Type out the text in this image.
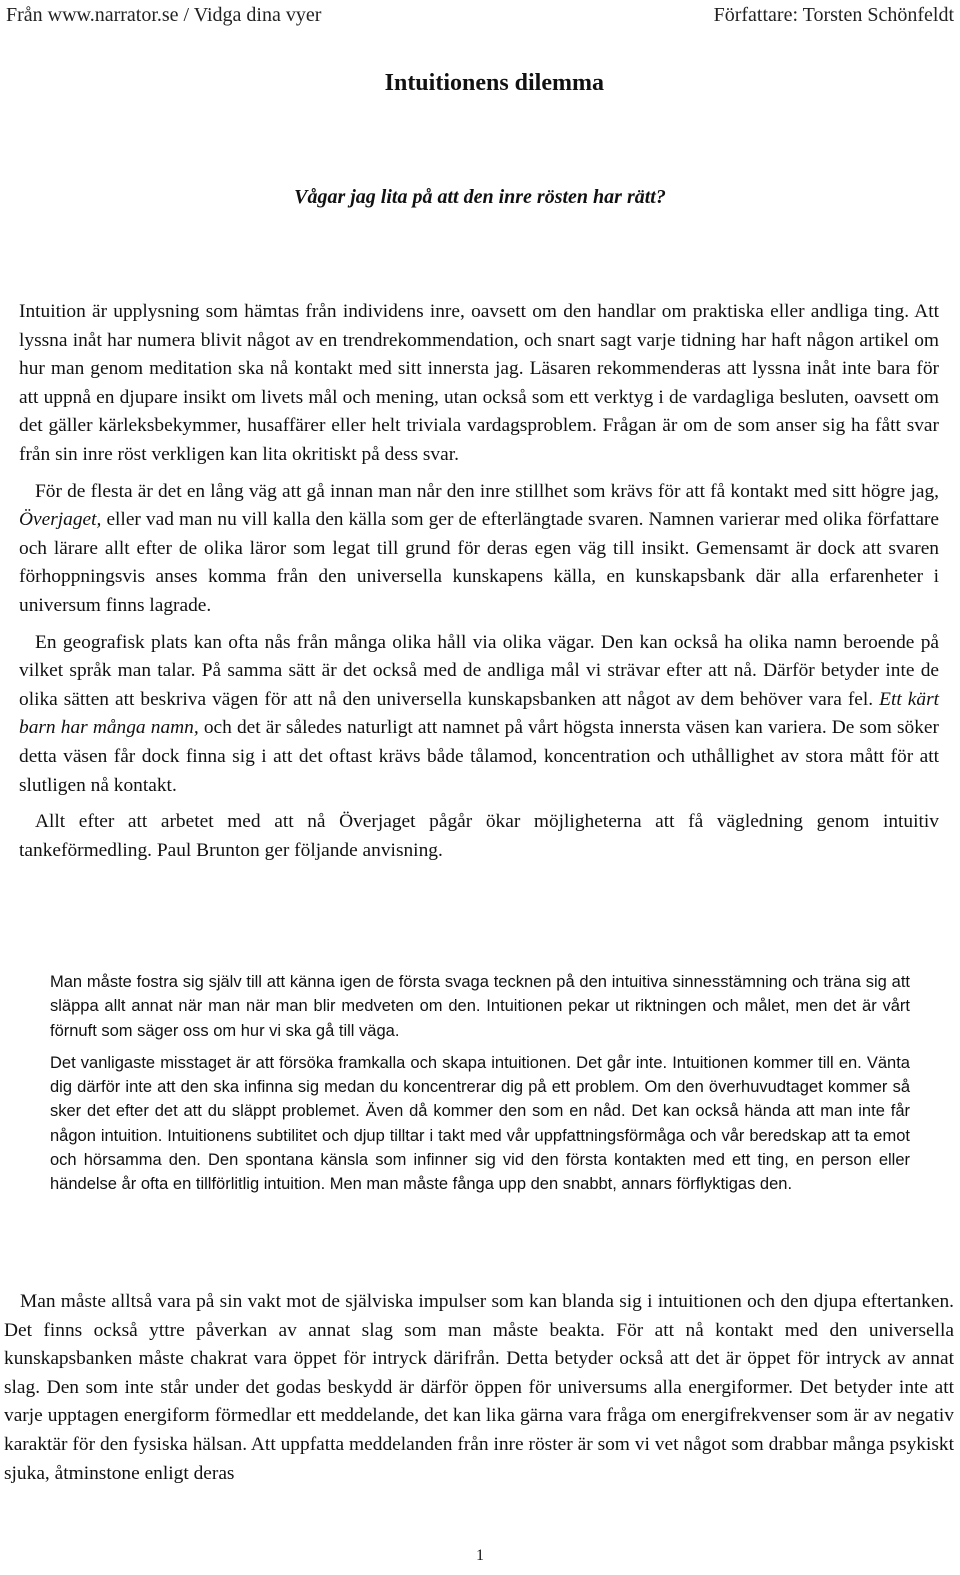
Från www.narrator.se / Vidga dina vyer	Författare: Torsten Schönfeldt
Intuitionens dilemma
Vågar jag lita på att den inre rösten har rätt?

Intuition är upplysning som hämtas från individens inre, oavsett om den handlar om praktiska eller andliga ting. Att lyssna inåt har numera blivit något av en trendrekommendation, och snart sagt varje tidning har haft någon artikel om hur man genom meditation ska nå kontakt med sitt innersta jag. Läsaren rekommenderas att lyssna inåt inte bara för att uppnå en djupare insikt om livets mål och mening, utan också som ett verktyg i de vardagliga besluten, oavsett om det gäller kärleksbekymmer, husaffärer eller helt triviala vardagsproblem. Frågan är om de som anser sig ha fått svar från sin inre röst verkligen kan lita okritiskt på dess svar.

För de flesta är det en lång väg att gå innan man når den inre stillhet som krävs för att få kontakt med sitt högre jag, Överjaget, eller vad man nu vill kalla den källa som ger de efterlängtade svaren. Namnen varierar med olika författare och lärare allt efter de olika läror som legat till grund för deras egen väg till insikt. Gemensamt är dock att svaren förhoppningsvis anses komma från den universella kunskapens källa, en kunskapsbank där alla erfarenheter i universum finns lagrade.

En geografisk plats kan ofta nås från många olika håll via olika vägar. Den kan också ha olika namn beroende på vilket språk man talar. På samma sätt är det också med de andliga mål vi strävar efter att nå. Därför betyder inte de olika sätten att beskriva vägen för att nå den universella kunskapsbanken att något av dem behöver vara fel. Ett kärt barn har många namn, och det är således naturligt att namnet på vårt högsta innersta väsen kan variera. De som söker detta väsen får dock finna sig i att det oftast krävs både tålamod, koncentration och uthållighet av stora mått för att slutligen nå kontakt.

Allt efter att arbetet med att nå Överjaget pågår ökar möjligheterna att få vägledning genom intuitiv tankeförmedling. Paul Brunton ger följande anvisning.

Man måste fostra sig själv till att känna igen de första svaga tecknen på den intuitiva sinnesstämning och träna sig att släppa allt annat när man när man blir medveten om den. Intuitionen pekar ut riktningen och målet, men det är vårt förnuft som säger oss om hur vi ska gå till väga.

Det vanligaste misstaget är att försöka framkalla och skapa intuitionen. Det går inte. Intuitionen kommer till en. Vänta dig därför inte att den ska infinna sig medan du koncentrerar dig på ett problem. Om den överhuvudtaget kommer så sker det efter det att du släppt problemet. Även då kommer den som en nåd. Det kan också hända att man inte får någon intuition. Intuitionens subtilitet och djup tilltar i takt med vår uppfattningsförmåga och vår beredskap att ta emot och hörsamma den. Den spontana känsla som infinner sig vid den första kontakten med ett ting, en person eller händelse år ofta en tillförlitlig intuition. Men man måste fånga upp den snabbt, annars förflyktigas den.

Man måste alltså vara på sin vakt mot de själviska impulser som kan blanda sig i intuitionen och den djupa eftertanken. Det finns också yttre påverkan av annat slag som man måste beakta. För att nå kontakt med den universella kunskapsbanken måste chakrat vara öppet för intryck därifrån. Detta betyder också att det är öppet för intryck av annat slag. Den som inte står under det godas beskydd är därför öppen för universums alla energiformer. Det betyder inte att varje upptagen energiform förmedlar ett meddelande, det kan lika gärna vara fråga om energifrekvenser som är av negativ karaktär för den fysiska hälsan. Att uppfatta meddelanden från inre röster är som vi vet något som drabbar många psykiskt sjuka, åtminstone enligt deras

1
